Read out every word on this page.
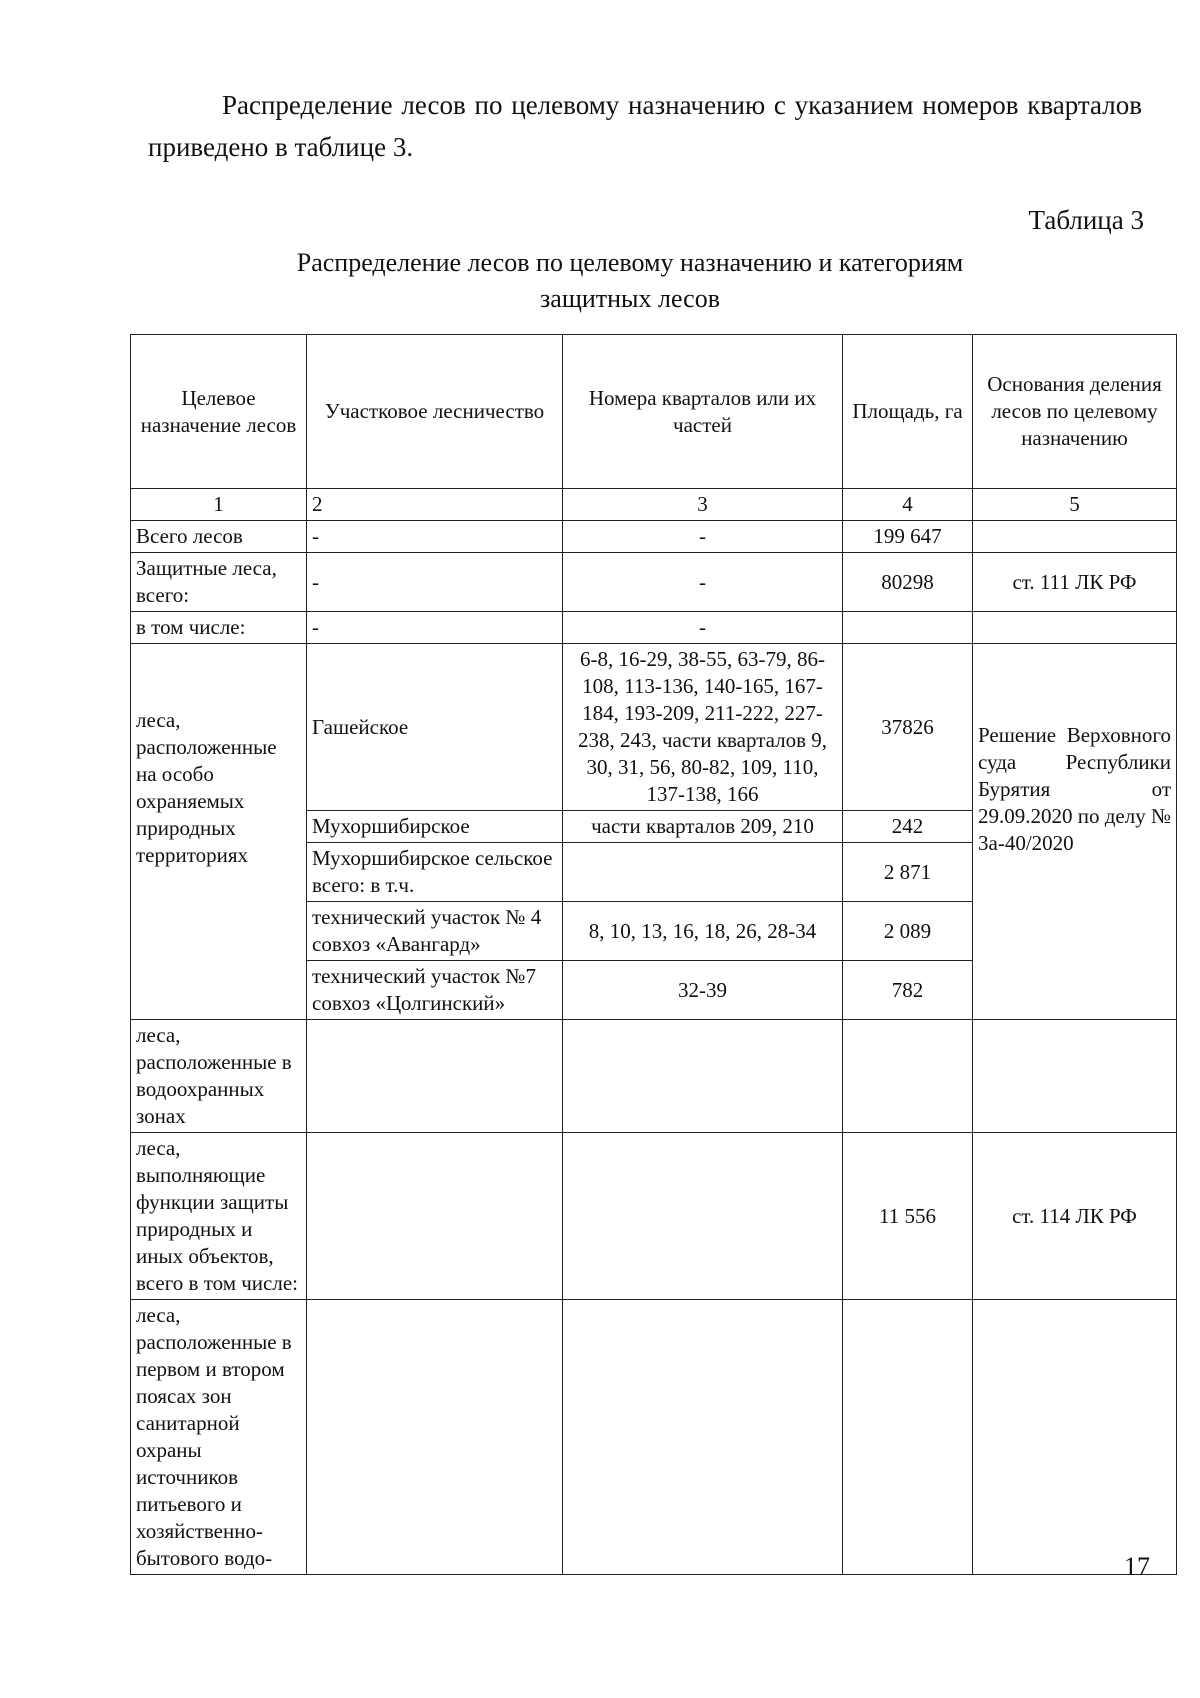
Распределение лесов по целевому назначению с указанием номеров кварталов приведено в таблице 3.
Таблица 3
Распределение лесов по целевому назначению и категориям
защитных лесов
Целевое назначение лесов	Участковое лесничество	Номера кварталов или их частей	Площадь, га	Основания деления лесов по целевому назначению
1	2	3	4	5
Всего лесов	-	-	199 647	
Защитные леса, всего:	-	-	80298	ст. 111 ЛК РФ
в том числе:	-	-		
леса, расположенные на особо охраняемых природных территориях	Гашейское	6-8, 16-29, 38-55, 63-79, 86-108, 113-136, 140-165, 167-184, 193-209, 211-222, 227-238, 243, части кварталов 9, 30, 31, 56, 80-82, 109, 110, 137-138, 166	37826	Решение Верховного суда Республики Бурятия от 29.09.2020 по делу № 3а-40/2020
	Мухоршибирское	части кварталов 209, 210	242	
	Мухоршибирское сельское всего: в т.ч.		2 871	
	технический участок № 4 совхоз «Авангард»	8, 10, 13, 16, 18, 26, 28-34	2 089	
	технический участок №7 совхоз «Цолгинский»	32-39	782	
леса, расположенные в водоохранных зонах				
леса, выполняющие функции защиты природных и иных объектов, всего в том числе:			11 556	ст. 114 ЛК РФ
леса, расположенные в первом и втором поясах зон санитарной охраны источников питьевого и хозяйственно-бытового водо-					17
